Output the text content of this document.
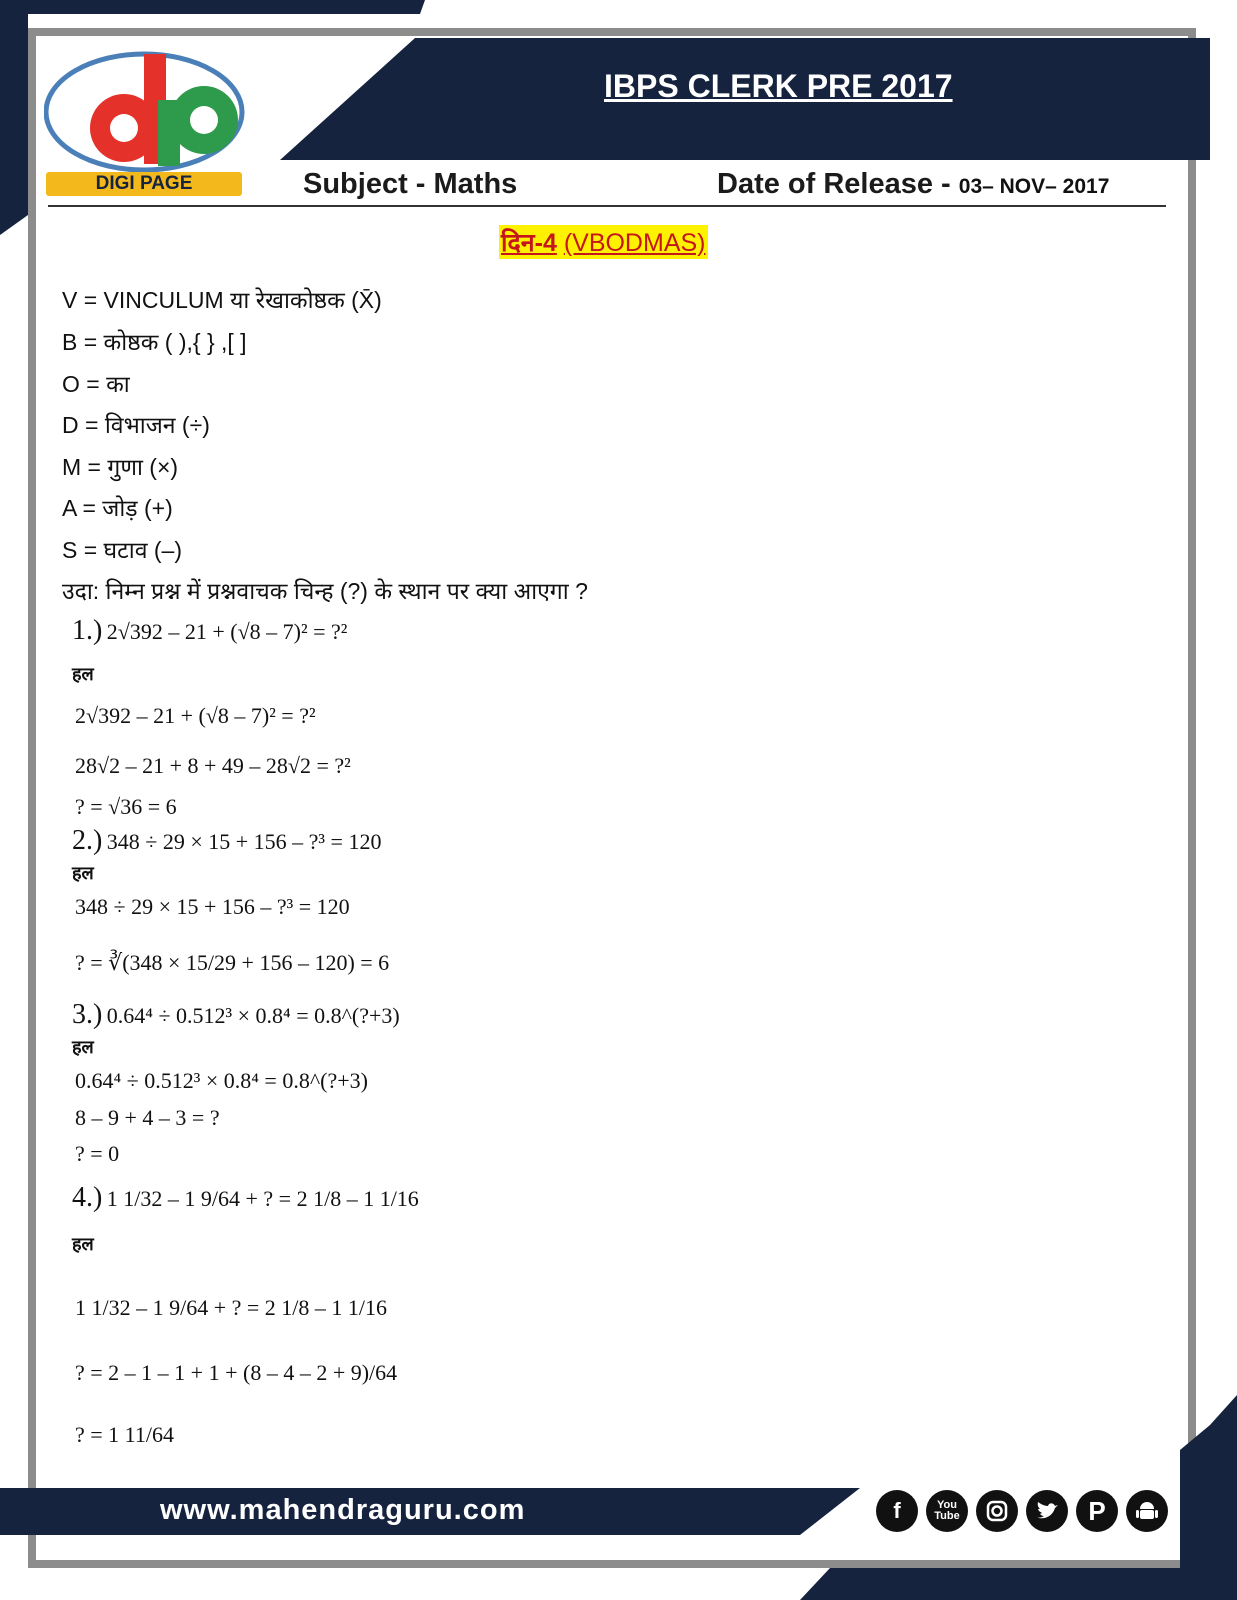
DIGI PAGE
IBPS CLERK PRE 2017
Subject - Maths	Date of Release - 03– NOV– 2017
दिन-4 (VBODMAS)
V = VINCULUM या रेखाकोष्ठक (X̄)
B = कोष्ठक ( ),{ } ,[ ]
O = का
D = विभाजन (÷)
M = गुणा (×)
A = जोड़ (+)
S = घटाव (–)
उदा: निम्न प्रश्न में प्रश्नवाचक चिन्ह (?) के स्थान पर क्या आएगा ?
1.) 2√392 – 21 + (√8 – 7)² = ?²
हल
2√392 – 21 + (√8 – 7)² = ?²
28√2 – 21 + 8 + 49 – 28√2 = ?²
? = √36 = 6
2.) 348 ÷ 29 × 15 + 156 – ?³ = 120
हल
348 ÷ 29 × 15 + 156 – ?³ = 120
? = ∛(348 × 15/29 + 156 – 120) = 6
3.) 0.64⁴ ÷ 0.512³ × 0.8⁴ = 0.8^(?+3)
हल
0.64⁴ ÷ 0.512³ × 0.8⁴ = 0.8^(?+3)
8 – 9 + 4 – 3 = ?
? = 0
4.) 1 1/32 – 1 9/64 + ? = 2 1/8 – 1 1/16
हल
1 1/32 – 1 9/64 + ? = 2 1/8 – 1 1/16
? = 2 – 1 – 1 + 1 + (8 – 4 – 2 + 9)/64
? = 1 11/64
www.mahendraguru.com	f	You
Tube	P
